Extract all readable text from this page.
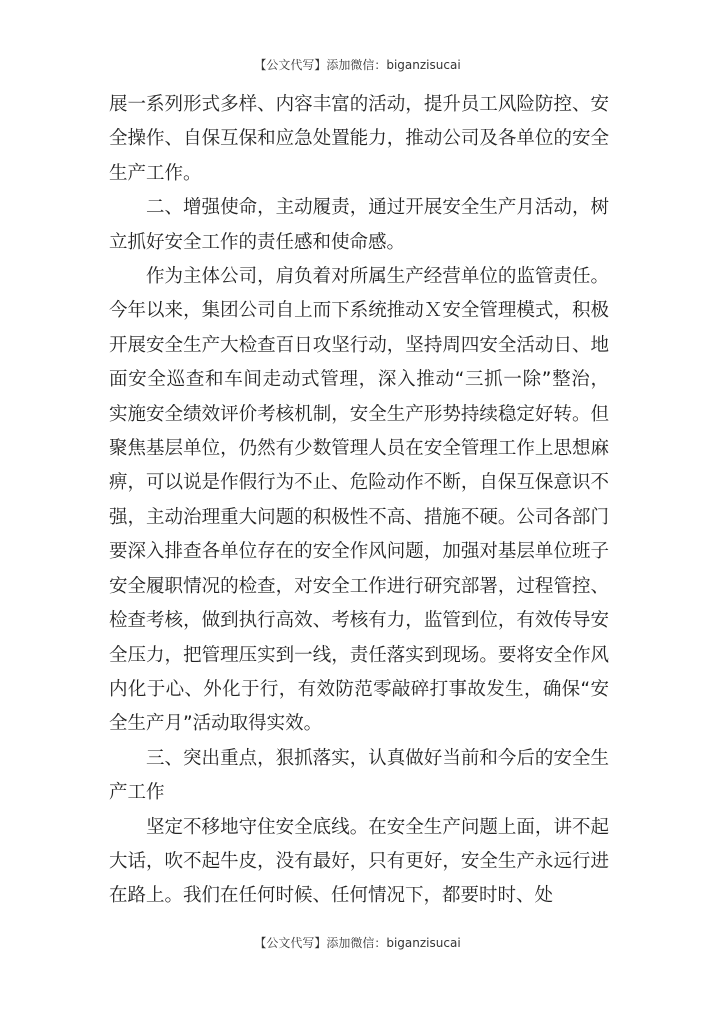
【公文代写】添加微信：biganzisucai

展一系列形式多样、内容丰富的活动，提升员工风险防控、安全操作、自保互保和应急处置能力，推动公司及各单位的安全生产工作。

二、增强使命，主动履责，通过开展安全生产月活动，树立抓好安全工作的责任感和使命感。

作为主体公司，肩负着对所属生产经营单位的监管责任。今年以来，集团公司自上而下系统推动Ｘ安全管理模式，积极开展安全生产大检查百日攻坚行动，坚持周四安全活动日、地面安全巡查和车间走动式管理，深入推动“三抓一除”整治，实施安全绩效评价考核机制，安全生产形势持续稳定好转。但聚焦基层单位，仍然有少数管理人员在安全管理工作上思想麻痹，可以说是作假行为不止、危险动作不断，自保互保意识不强，主动治理重大问题的积极性不高、措施不硬。公司各部门要深入排查各单位存在的安全作风问题，加强对基层单位班子安全履职情况的检查，对安全工作进行研究部署，过程管控、检查考核，做到执行高效、考核有力，监管到位，有效传导安全压力，把管理压实到一线，责任落实到现场。要将安全作风内化于心、外化于行，有效防范零敲碎打事故发生，确保“安全生产月”活动取得实效。

三、突出重点，狠抓落实，认真做好当前和今后的安全生产工作

坚定不移地守住安全底线。在安全生产问题上面，讲不起大话，吹不起牛皮，没有最好，只有更好，安全生产永远行进在路上。我们在任何时候、任何情况下，都要时时、处

【公文代写】添加微信：biganzisucai
